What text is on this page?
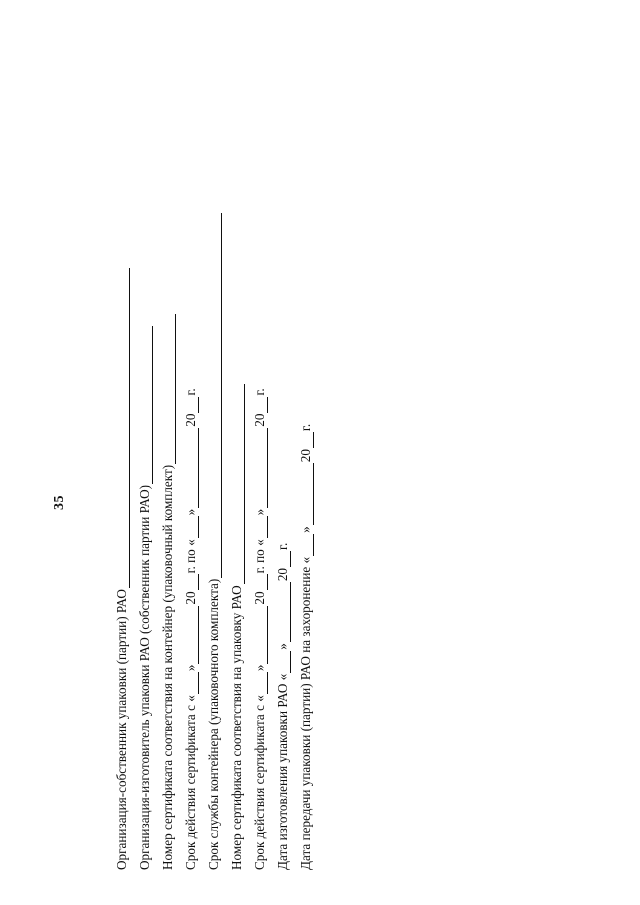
35
Организация-собственник упаковки (партии) РАО Организация-изготовитель упаковки РАО (собственник партии РАО) Номер сертификата соответствия на контейнер (упаковочный комплект) Срок действия сертификата с «
»
20
г. по «
»
20
г.
Срок службы контейнера (упаковочного комплекта) Номер сертификата соответствия на упаковку РАО Срок действия сертификата с «
»
20
г. по «
»
20
г.
Дата изготовления упаковки РАО «
»
20
г.
Дата передачи упаковки (партии) РАО на захоронение «
»
20
г.
